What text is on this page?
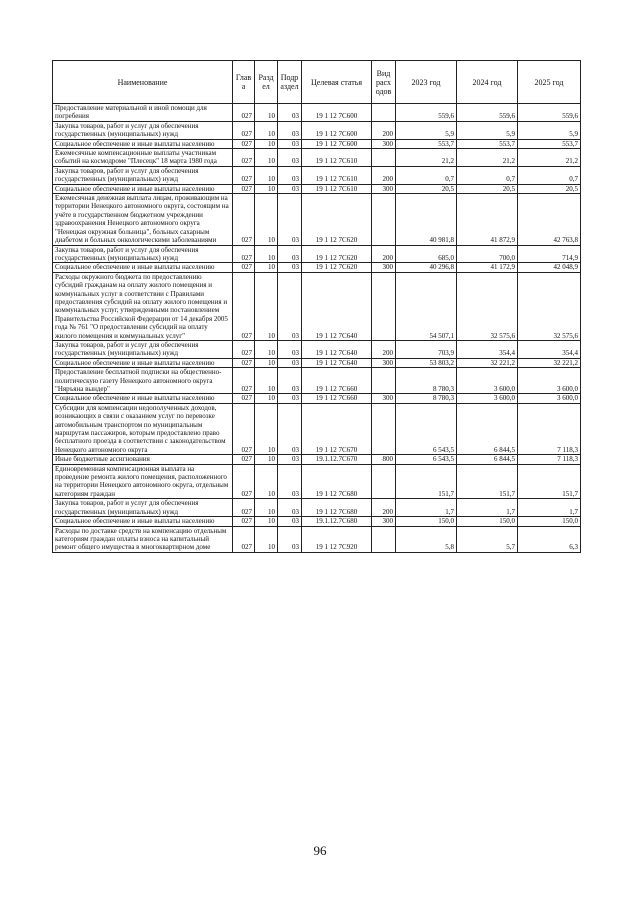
Наименование	Глав а	Разд ел	Подр аздел	Целевая статья	Вид расх одов	2023 год	2024 год	2025 год
Предоставление материальной и иной помощи для погребения	027	10	03	19 1 12 7С600		559,6	559,6	559,6
Закупка товаров, работ и услуг для обеспечения государственных (муниципальных) нужд	027	10	03	19 1 12 7С600	200	5,9	5,9	5,9
Социальное обеспечение и иные выплаты населению	027	10	03	19 1 12 7С600	300	553,7	553,7	553,7
Ежемесячные компенсационные выплаты участникам событий на космодроме "Плесецк" 18 марта 1980 года	027	10	03	19 1 12 7С610		21,2	21,2	21,2
Закупка товаров, работ и услуг для обеспечения государственных (муниципальных) нужд	027	10	03	19 1 12 7С610	200	0,7	0,7	0,7
Социальное обеспечение и иные выплаты населению	027	10	03	19 1 12 7С610	300	20,5	20,5	20,5
Ежемесячная денежная выплата лицам, проживающим на территории Ненецкого автономного округа, состоящим на учёте в государственном бюджетном учреждении здравоохранения Ненецкого автономного округа "Ненецкая окружная больница", больных сахарным диабетом и больных онкологическими заболеваниями	027	10	03	19 1 12 7С620		40 981,8	41 872,9	42 763,8
Закупка товаров, работ и услуг для обеспечения государственных (муниципальных) нужд	027	10	03	19 1 12 7С620	200	685,0	700,0	714,9
Социальное обеспечение и иные выплаты населению	027	10	03	19 1 12 7С620	300	40 296,8	41 172,9	42 048,9
Расходы окружного бюджета по предоставлению субсидий гражданам на оплату жилого помещения и коммунальных услуг в соответствии с Правилами предоставления субсидий на оплату жилого помещения и коммунальных услуг, утвержденными постановлением Правительства Российской Федерации от 14 декабря 2005 года № 761 "О предоставлении субсидий на оплату жилого помещения и коммунальных услуг"	027	10	03	19 1 12 7С640		54 507,1	32 575,6	32 575,6
Закупка товаров, работ и услуг для обеспечения государственных (муниципальных) нужд	027	10	03	19 1 12 7С640	200	703,9	354,4	354,4
Социальное обеспечение и иные выплаты населению	027	10	03	19 1 12 7С640	300	53 803,2	32 221,2	32 221,2
Предоставление бесплатной подписки на общественно-политическую газету Ненецкого автономного округа "Няръяна вындер"	027	10	03	19 1 12 7С660		8 780,3	3 600,0	3 600,0
Социальное обеспечение и иные выплаты населению	027	10	03	19 1 12 7С660	300	8 780,3	3 600,0	3 600,0
Субсидии для компенсации недополученных доходов, возникающих в связи с оказанием услуг по перевозке автомобильным транспортом по муниципальным маршрутам пассажиров, которым предоставлено право бесплатного проезда в соответствии с законодательством Ненецкого автономного округа	027	10	03	19 1 12 7С670		6 543,5	6 844,5	7 118,3
Иные бюджетные ассигнования	027	10	03	19.1.12.7С670	800	6 543,5	6 844,5	7 118,3
Единовременная компенсационная выплата на проведение ремонта жилого помещения, расположенного на территории Ненецкого автономного округа, отдельным категориям граждан	027	10	03	19 1 12 7С680		151,7	151,7	151,7
Закупка товаров, работ и услуг для обеспечения государственных (муниципальных) нужд	027	10	03	19 1 12 7С680	200	1,7	1,7	1,7
Социальное обеспечение и иные выплаты населению	027	10	03	19.1.12.7С680	300	150,0	150,0	150,0
Расходы по доставке средств на компенсацию отдельным категориям граждан оплаты взноса на капитальный ремонт общего имущества в многоквартирном доме	027	10	03	19 1 12 7С920		5,8	5,7	6,3
96
